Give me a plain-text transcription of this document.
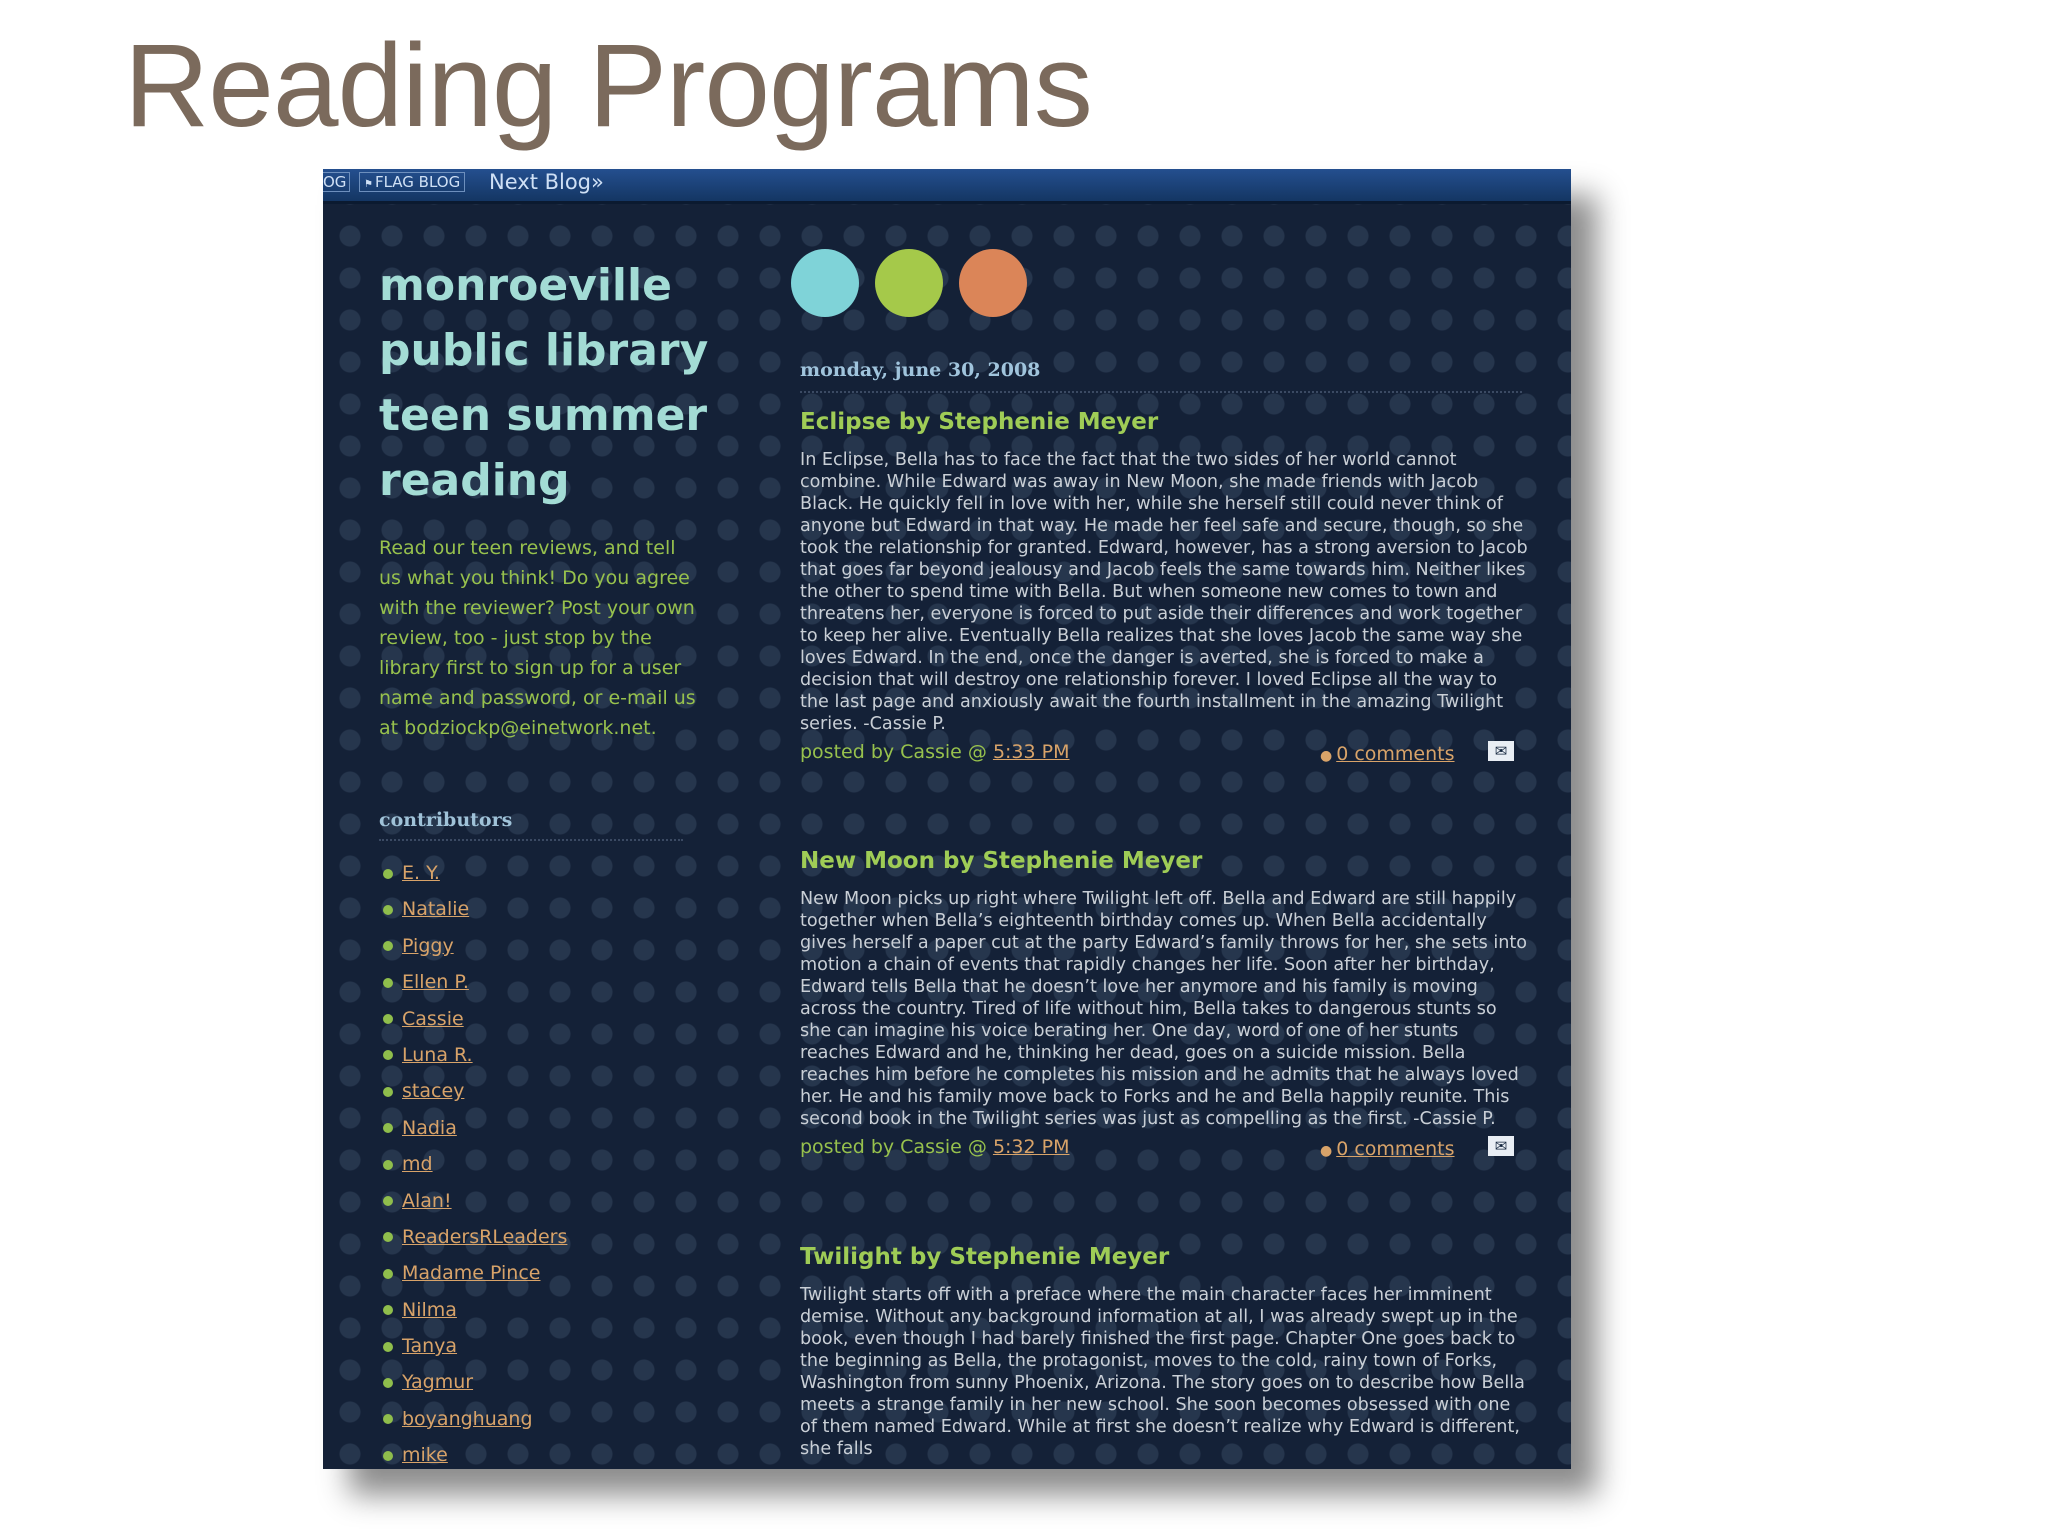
Reading Programs
OG	⚑ FLAG BLOG Next Blog»
monroeville
public library
teen summer
reading

Read our teen reviews, and tell us what you think! Do you agree with the reviewer? Post your own review, too - just stop by the library first to sign up for a user name and password, or e-mail us at bodziockp@einetwork.net.

contributors
E. Y.
Natalie
Piggy
Ellen P.
Cassie
Luna R.
stacey
Nadia
md
Alan!
ReadersRLeaders
Madame Pince
Nilma
Tanya
Yagmur
boyanghuang
mike
monday, june 30, 2008
Eclipse by Stephenie Meyer

In Eclipse, Bella has to face the fact that the two sides of her world cannot combine. While Edward was away in New Moon, she made friends with Jacob Black. He quickly fell in love with her, while she herself still could never think of anyone but Edward in that way. He made her feel safe and secure, though, so she took the relationship for granted. Edward, however, has a strong aversion to Jacob that goes far beyond jealousy and Jacob feels the same towards him. Neither likes the other to spend time with Bella. But when someone new comes to town and threatens her, everyone is forced to put aside their differences and work together to keep her alive. Eventually Bella realizes that she loves Jacob the same way she loves Edward. In the end, once the danger is averted, she is forced to make a decision that will destroy one relationship forever. I loved Eclipse all the way to the last page and anxiously await the fourth installment in the amazing Twilight series. -Cassie P.

posted by Cassie @ 5:33 PM	● 0 comments	✉
New Moon by Stephenie Meyer

New Moon picks up right where Twilight left off. Bella and Edward are still happily together when Bella’s eighteenth birthday comes up. When Bella accidentally gives herself a paper cut at the party Edward’s family throws for her, she sets into motion a chain of events that rapidly changes her life. Soon after her birthday, Edward tells Bella that he doesn’t love her anymore and his family is moving across the country. Tired of life without him, Bella takes to dangerous stunts so she can imagine his voice berating her. One day, word of one of her stunts reaches Edward and he, thinking her dead, goes on a suicide mission. Bella reaches him before he completes his mission and he admits that he always loved her. He and his family move back to Forks and he and Bella happily reunite. This second book in the Twilight series was just as compelling as the first. -Cassie P.

posted by Cassie @ 5:32 PM	● 0 comments	✉
Twilight by Stephenie Meyer

Twilight starts off with a preface where the main character faces her imminent demise. Without any background information at all, I was already swept up in the book, even though I had barely finished the first page. Chapter One goes back to the beginning as Bella, the protagonist, moves to the cold, rainy town of Forks, Washington from sunny Phoenix, Arizona. The story goes on to describe how Bella meets a strange family in her new school. She soon becomes obsessed with one of them named Edward. While at first she doesn’t realize why Edward is different, she falls
